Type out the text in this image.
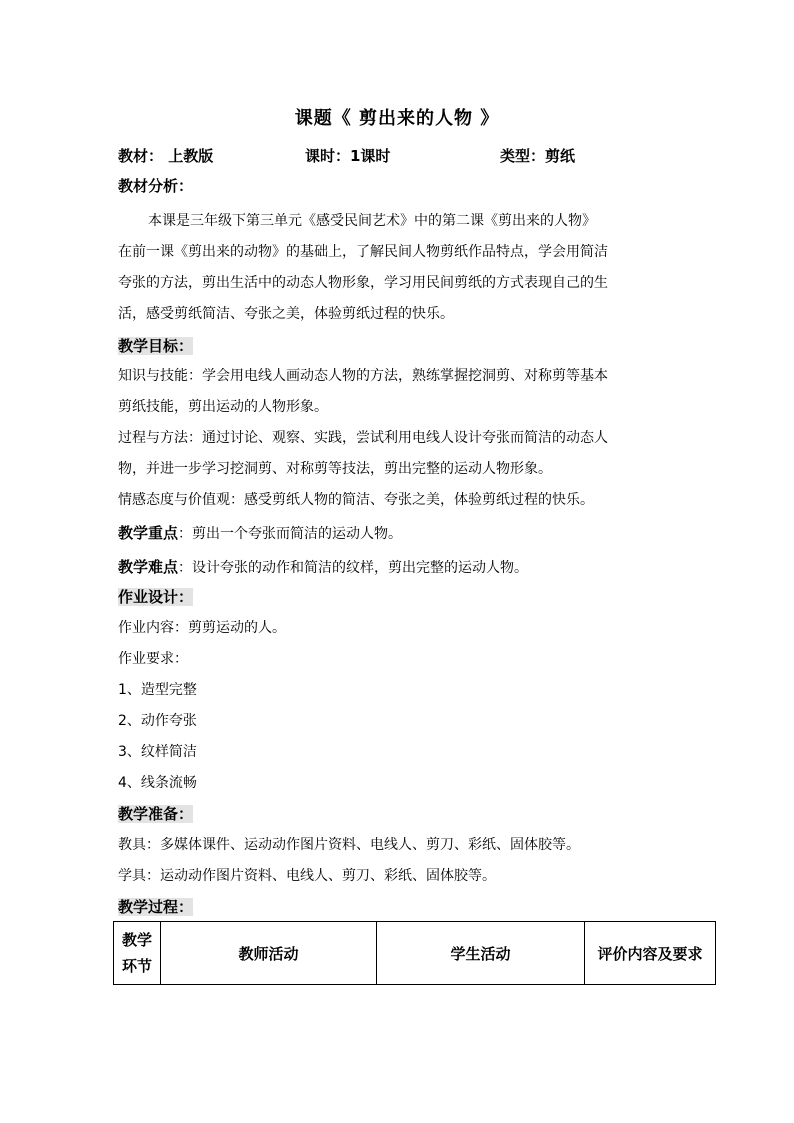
课题《 剪出来的人物 》
教材： 上教版	课时：1课时	类型：剪纸
教材分析：
本课是三年级下第三单元《感受民间艺术》中的第二课《剪出来的人物》
在前一课《剪出来的动物》的基础上，了解民间人物剪纸作品特点，学会用简洁
夸张的方法，剪出生活中的动态人物形象，学习用民间剪纸的方式表现自己的生
活，感受剪纸简洁、夸张之美，体验剪纸过程的快乐。
教学目标：
知识与技能：学会用电线人画动态人物的方法，熟练掌握挖洞剪、对称剪等基本
剪纸技能，剪出运动的人物形象。
过程与方法：通过讨论、观察、实践，尝试利用电线人设计夸张而简洁的动态人
物，并进一步学习挖洞剪、对称剪等技法，剪出完整的运动人物形象。
情感态度与价值观：感受剪纸人物的简洁、夸张之美，体验剪纸过程的快乐。
教学重点：剪出一个夸张而简洁的运动人物。
教学难点：设计夸张的动作和简洁的纹样，剪出完整的运动人物。
作业设计：
作业内容：剪剪运动的人。
作业要求：
1、造型完整
2、动作夸张
3、纹样简洁
4、线条流畅
教学准备：
教具：多媒体课件、运动动作图片资料、电线人、剪刀、彩纸、固体胶等。
学具：运动动作图片资料、电线人、剪刀、彩纸、固体胶等。
教学过程：
教学
环节
	教师活动	学生活动	评价内容及要求
